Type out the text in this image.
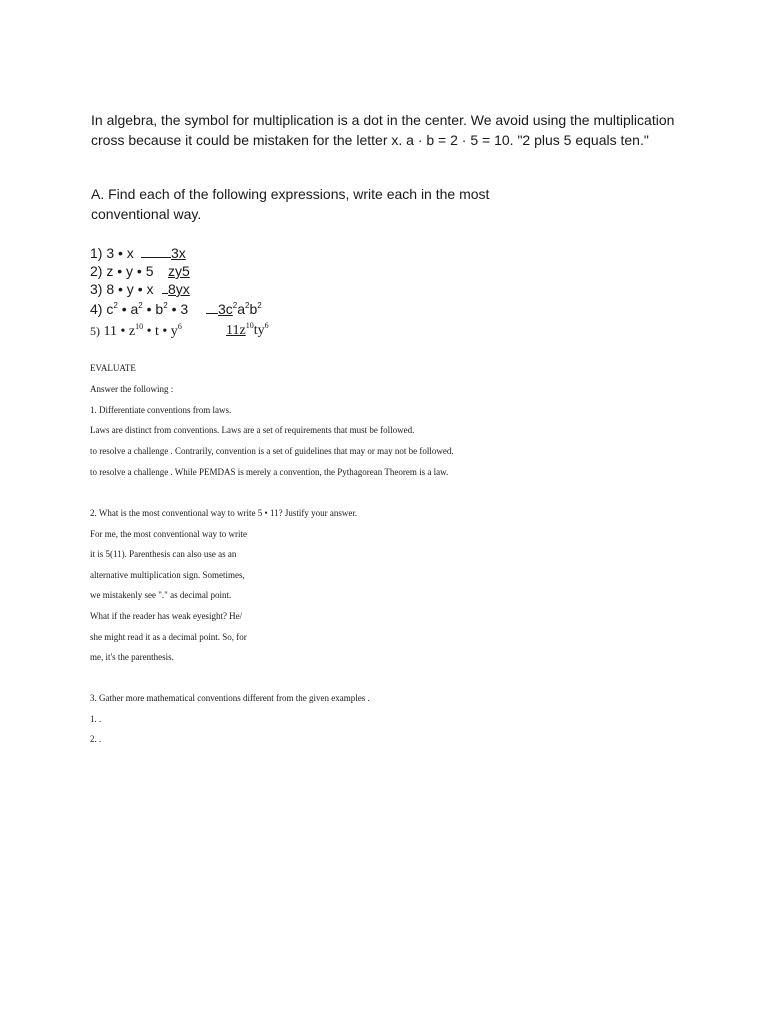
In algebra, the symbol for multiplication is a dot in the center. We avoid using the multiplication cross because it could be mistaken for the letter x. a · b = 2 · 5 = 10. "2 plus 5 equals ten."

A. Find each of the following expressions, write each in the most conventional way.

1) 3 • x	3x
2) z • y • 5 zy5
3) 8 • y • x	8yx
4) $c^2$ • $a^2$ • $b^2$ • 3	$3c^2a^2b^2$
5) 11 • $z^{10}$ • t • $y^6$	$11z^{10}ty^6$

EVALUATE

Answer the following :

1. Differentiate conventions from laws.

Laws are distinct from conventions. Laws are a set of requirements that must be followed.

to resolve a challenge . Contrarily, convention is a set of guidelines that may or may not be followed.

to resolve a challenge . While PEMDAS is merely a convention, the Pythagorean Theorem is a law.

2. What is the most conventional way to write 5 • 11? Justify your answer.

For me, the most conventional way to write

it is 5(11). Parenthesis can also use as an

alternative multiplication sign. Sometimes,

we mistakenly see "." as decimal point.

What if the reader has weak eyesight? He/

she might read it as a decimal point. So, for

me, it's the parenthesis.

3. Gather more mathematical conventions different from the given examples .

1. .

2. .
